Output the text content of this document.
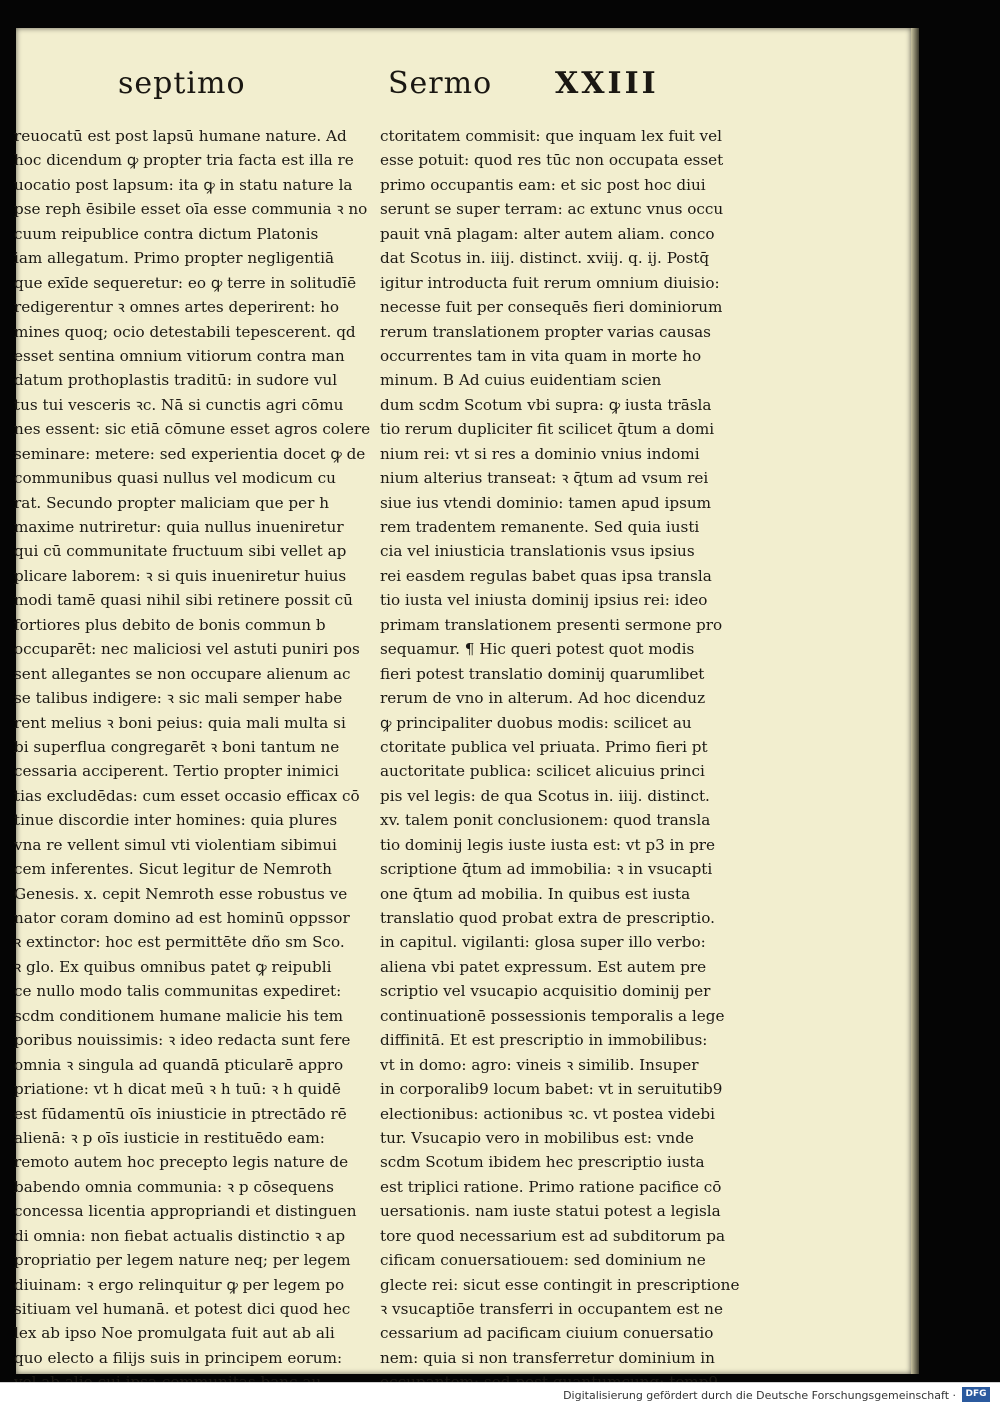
septimo	Sermo XXIII
reuocatū est post lapsū humane nature. Ad
hoc dicendum ꝙ propter tria facta est illa re
uocatio post lapsum: ita ꝙ in statu nature la
pse reph ēsibile esset oīa esse communia ꝛ no
cuum reipublice contra dictum Platonis
iam allegatum. Primo propter negligentiā
que exīde sequeretur: eo ꝙ terre in solitudīē
redigerentur ꝛ omnes artes deperirent: ho
mines quoq; ocio detestabili tepescerent. qd
esset sentina omnium vitiorum contra man
datum prothoplastis traditū: in sudore vul
tus tui vesceris ꝛc. Nā si cunctis agri cōmu
nes essent: sic etiā cōmune esset agros colere
seminare: metere: sed experientia docet ꝙ de
communibus quasi nullus vel modicum cu
rat. Secundo propter maliciam que per h
maxime nutriretur: quia nullus inueniretur
qui cū communitate fructuum sibi vellet ap
plicare laborem: ꝛ si quis inueniretur huius
modi tamē quasi nihil sibi retinere possit cū
fortiores plus debito de bonis commun b
occuparēt: nec maliciosi vel astuti puniri pos
sent allegantes se non occupare alienum ac
se talibus indigere: ꝛ sic mali semper habe
rent melius ꝛ boni peius: quia mali multa si
bi superflua congregarēt ꝛ boni tantum ne
cessaria acciperent. Tertio propter inimici
tias excludēdas: cum esset occasio efficax cō
tinue discordie inter homines: quia plures
vna re vellent simul vti violentiam sibimui
cem inferentes. Sicut legitur de Nemroth
Genesis. x. cepit Nemroth esse robustus ve
nator coram domino ad est hominū oppssor
ꝛ extinctor: hoc est permittēte dño sm Sco.
ꝛ glo. Ex quibus omnibus patet ꝙ reipubli
ce nullo modo talis communitas expediret:
scdm conditionem humane malicie his tem
poribus nouissimis: ꝛ ideo redacta sunt fere
omnia ꝛ singula ad quandā pticularē appro
priatione: vt h dicat meū ꝛ h tuū: ꝛ h quidē
est fūdamentū oīs iniusticie in ptrectādo rē
alienā: ꝛ p oīs iusticie in restituēdo eam:
remoto autem hoc precepto legis nature de
babendo omnia communia: ꝛ p cōsequens
concessa licentia appropriandi et distinguen
di omnia: non fiebat actualis distinctio ꝛ ap
propriatio per legem nature neq; per legem
diuinam: ꝛ ergo relinquitur ꝙ per legem po
sitiuam vel humanā. et potest dici quod hec
lex ab ipso Noe promulgata fuit aut ab ali
quo electo a filijs suis in principem eorum:
ctoritatem commisit: que inquam lex fuit vel
esse potuit: quod res tūc non occupata esset
primo occupantis eam: et sic post hoc diui
serunt se super terram: ac extunc vnus occu
pauit vnā plagam: alter autem aliam. conco
dat Scotus in. iiij. distinct. xviij. q. ij. Postq̄
igitur introducta fuit rerum omnium diuisio:
necesse fuit per consequēs fieri dominiorum
rerum translationem propter varias causas
occurrentes tam in vita quam in morte ho
minum. B Ad cuius euidentiam scien
dum scdm Scotum vbi supra: ꝙ iusta trāsla
tio rerum dupliciter fit scilicet q̄tum a domi
nium rei: vt si res a dominio vnius indomi
nium alterius transeat: ꝛ q̄tum ad vsum rei
siue ius vtendi dominio: tamen apud ipsum
rem tradentem remanente. Sed quia iusti
cia vel iniusticia translationis vsus ipsius
rei easdem regulas babet quas ipsa transla
tio iusta vel iniusta dominij ipsius rei: ideo
primam translationem presenti sermone pro
sequamur. ¶ Hic queri potest quot modis
fieri potest translatio dominij quarumlibet
rerum de vno in alterum. Ad hoc dicenduz
ꝙ principaliter duobus modis: scilicet au
ctoritate publica vel priuata. Primo fieri pt
auctoritate publica: scilicet alicuius princi
pis vel legis: de qua Scotus in. iiij. distinct.
xv. talem ponit conclusionem: quod transla
tio dominij legis iuste iusta est: vt p3 in pre
scriptione q̄tum ad immobilia: ꝛ in vsucapti
one q̄tum ad mobilia. In quibus est iusta
translatio quod probat extra de prescriptio.
in capitul. vigilanti: glosa super illo verbo:
aliena vbi patet expressum. Est autem pre
scriptio vel vsucapio acquisitio dominij per
continuationē possessionis temporalis a lege
diffinitā. Et est prescriptio in immobilibus:
vt in domo: agro: vineis ꝛ similib. Insuper
in corporalib9 locum babet: vt in seruitutib9
electionibus: actionibus ꝛc. vt postea videbi
tur. Vsucapio vero in mobilibus est: vnde
scdm Scotum ibidem hec prescriptio iusta
est triplici ratione. Primo ratione pacifice cō
uersationis. nam iuste statui potest a legisla
tore quod necessarium est ad subditorum pa
cificam conuersatiouem: sed dominium ne
glecte rei: sicut esse contingit in prescriptione
ꝛ vsucaptiōe transferri in occupantem est ne
cessarium ad pacificam ciuium conuersatio
nem: quia si non transferretur dominium in
Digitalisierung gefördert durch die Deutsche Forschungsgemeinschaft ·	DFG
